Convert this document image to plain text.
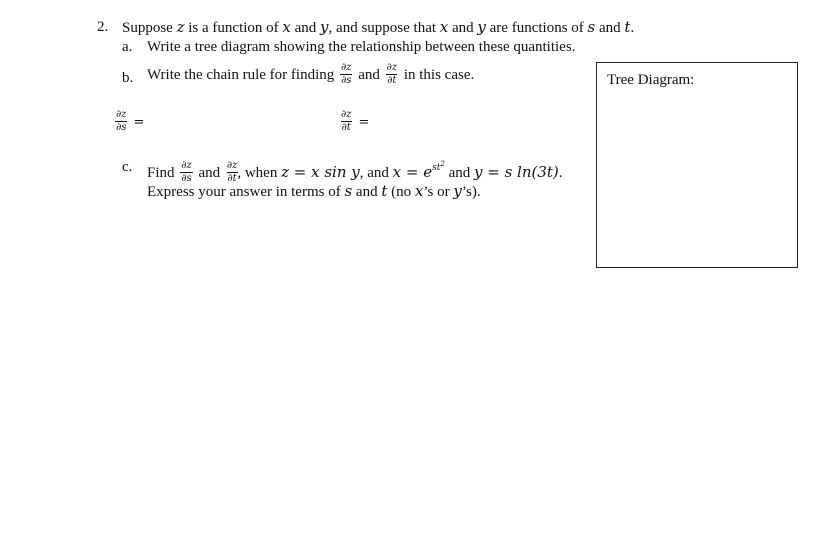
2. Suppose z is a function of x and y, and suppose that x and y are functions of s and t.
a. Write a tree diagram showing the relationship between these quantities.
b. Write the chain rule for finding $\frac{\partial z}{\partial s}$ and $\frac{\partial z}{\partial t}$ in this case.
$\frac{\partial z}{\partial s}$ =	$\frac{\partial z}{\partial t}$ =
c. Find $\frac{\partial z}{\partial s}$ and $\frac{\partial z}{\partial t}$ , when z = x sin y, and $x = e^{st^2}$ and y = s ln(3t).
Express your answer in terms of s and t (no x’s or y’s).
Tree Diagram:
